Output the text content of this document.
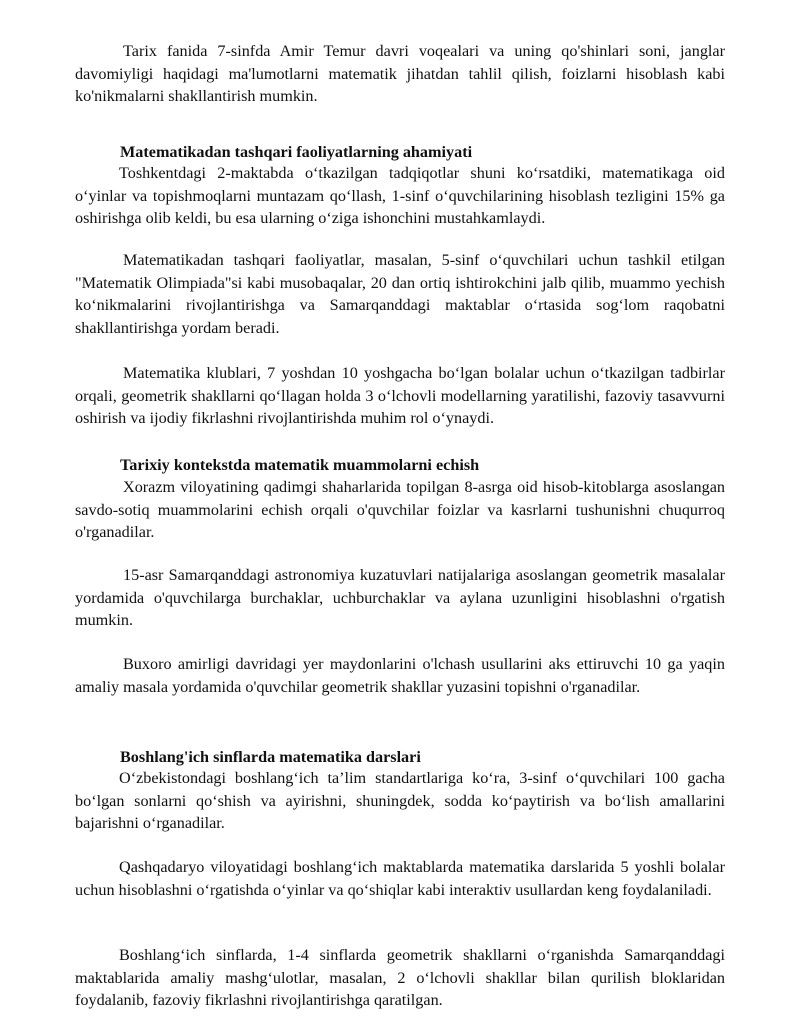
Tarix fanida 7-sinfda Amir Temur davri voqealari va uning qo'shinlari soni, janglar davomiyligi haqidagi ma'lumotlarni matematik jihatdan tahlil qilish, foizlarni hisoblash kabi ko'nikmalarni shakllantirish mumkin.

Matematikadan tashqari faoliyatlarning ahamiyati

Toshkentdagi 2-maktabda o‘tkazilgan tadqiqotlar shuni ko‘rsatdiki, matematikaga oid o‘yinlar va topishmoqlarni muntazam qo‘llash, 1-sinf o‘quvchilarining hisoblash tezligini 15% ga oshirishga olib keldi, bu esa ularning o‘ziga ishonchini mustahkamlaydi.

Matematikadan tashqari faoliyatlar, masalan, 5-sinf o‘quvchilari uchun tashkil etilgan "Matematik Olimpiada"si kabi musobaqalar, 20 dan ortiq ishtirokchini jalb qilib, muammo yechish ko‘nikmalarini rivojlantirishga va Samarqanddagi maktablar o‘rtasida sog‘lom raqobatni shakllantirishga yordam beradi.

Matematika klublari, 7 yoshdan 10 yoshgacha bo‘lgan bolalar uchun o‘tkazilgan tadbirlar orqali, geometrik shakllarni qo‘llagan holda 3 o‘lchovli modellarning yaratilishi, fazoviy tasavvurni oshirish va ijodiy fikrlashni rivojlantirishda muhim rol o‘ynaydi.

Tarixiy kontekstda matematik muammolarni echish

Xorazm viloyatining qadimgi shaharlarida topilgan 8-asrga oid hisob-kitoblarga asoslangan savdo-sotiq muammolarini echish orqali o'quvchilar foizlar va kasrlarni tushunishni chuqurroq o'rganadilar.

15-asr Samarqanddagi astronomiya kuzatuvlari natijalariga asoslangan geometrik masalalar yordamida o'quvchilarga burchaklar, uchburchaklar va aylana uzunligini hisoblashni o'rgatish mumkin.

Buxoro amirligi davridagi yer maydonlarini o'lchash usullarini aks ettiruvchi 10 ga yaqin amaliy masala yordamida o'quvchilar geometrik shakllar yuzasini topishni o'rganadilar.

Boshlang'ich sinflarda matematika darslari

O‘zbekistondagi boshlang‘ich ta’lim standartlariga ko‘ra, 3-sinf o‘quvchilari 100 gacha bo‘lgan sonlarni qo‘shish va ayirishni, shuningdek, sodda ko‘paytirish va bo‘lish amallarini bajarishni o‘rganadilar.

Qashqadaryo viloyatidagi boshlang‘ich maktablarda matematika darslarida 5 yoshli bolalar uchun hisoblashni o‘rgatishda o‘yinlar va qo‘shiqlar kabi interaktiv usullardan keng foydalaniladi.

Boshlang‘ich sinflarda, 1-4 sinflarda geometrik shakllarni o‘rganishda Samarqanddagi maktablarida amaliy mashg‘ulotlar, masalan, 2 o‘lchovli shakllar bilan qurilish bloklaridan foydalanib, fazoviy fikrlashni rivojlantirishga qaratilgan.
